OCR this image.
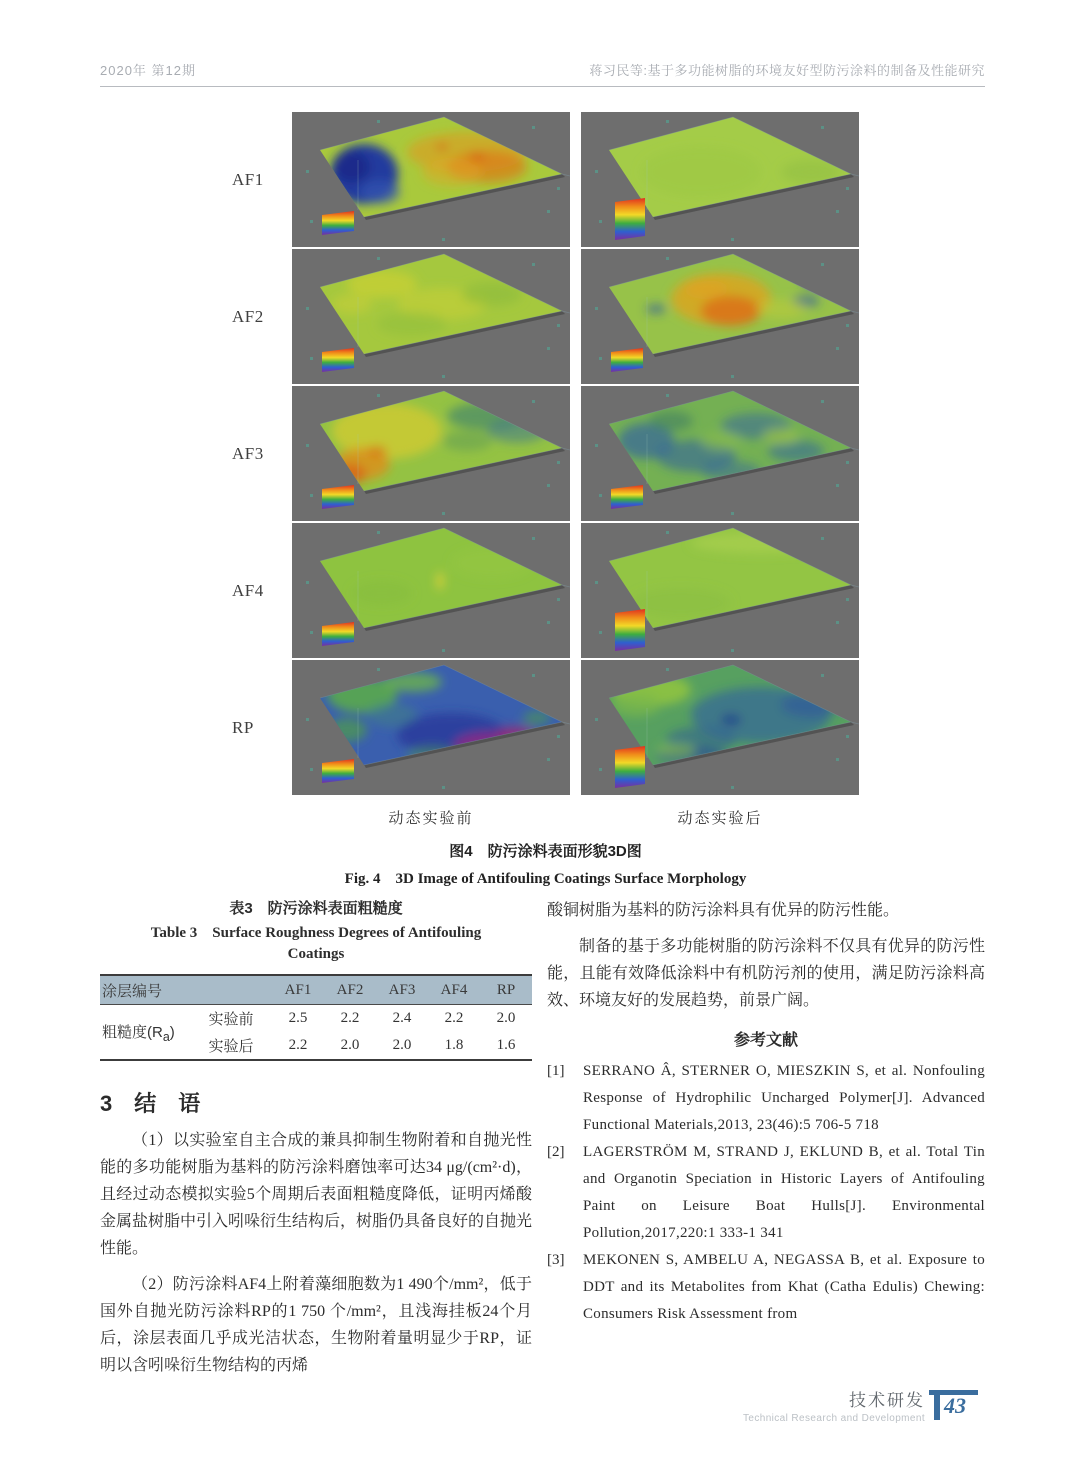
2020年 第12期	蒋习民等:基于多功能树脂的环境友好型防污涂料的制备及性能研究
AF1
AF2
AF3
AF4
RP
动态实验前	动态实验后
图4　防污涂料表面形貌3D图
Fig. 4　3D Image of Antifouling Coatings Surface Morphology
表3　防污涂料表面粗糙度
Table 3　Surface Roughness Degrees of Antifouling
Coatings
涂层编号		AF1	AF2	AF3	AF4	RP
粗糙度$(R_a)$	实验前	2.5	2.2	2.4	2.2	2.0
	实验后	2.2	2.0	2.0	1.8	1.6
3　结　语
（1）以实验室自主合成的兼具抑制生物附着和自抛光性能的多功能树脂为基料的防污涂料磨蚀率可达34 μg/(cm²·d)，且经过动态模拟实验5个周期后表面粗糙度降低，证明丙烯酸金属盐树脂中引入吲哚衍生结构后，树脂仍具备良好的自抛光性能。
（2）防污涂料AF4上附着藻细胞数为1 490个/mm²，低于国外自抛光防污涂料RP的1 750 个/mm²，且浅海挂板24个月后，涂层表面几乎成光洁状态，生物附着量明显少于RP，证明以含吲哚衍生物结构的丙烯
酸铜树脂为基料的防污涂料具有优异的防污性能。
制备的基于多功能树脂的防污涂料不仅具有优异的防污性能，且能有效降低涂料中有机防污剂的使用，满足防污涂料高效、环境友好的发展趋势，前景广阔。
参考文献
[1]	SERRANO Â, STERNER O, MIESZKIN S, et al. Nonfouling Response of Hydrophilic Uncharged Polymer[J]. Advanced Functional Materials,2013, 23(46):5 706-5 718
[2]	LAGERSTRÖM M, STRAND J, EKLUND B, et al. Total Tin and Organotin Speciation in Historic Layers of Antifouling Paint on Leisure Boat Hulls[J]. Environmental Pollution,2017,220:1 333-1 341
[3]	MEKONEN S, AMBELU A, NEGASSA B, et al. Exposure to DDT and its Metabolites from Khat (Catha Edulis) Chewing: Consumers Risk Assessment from
技术研发
Technical Research and Development
43
